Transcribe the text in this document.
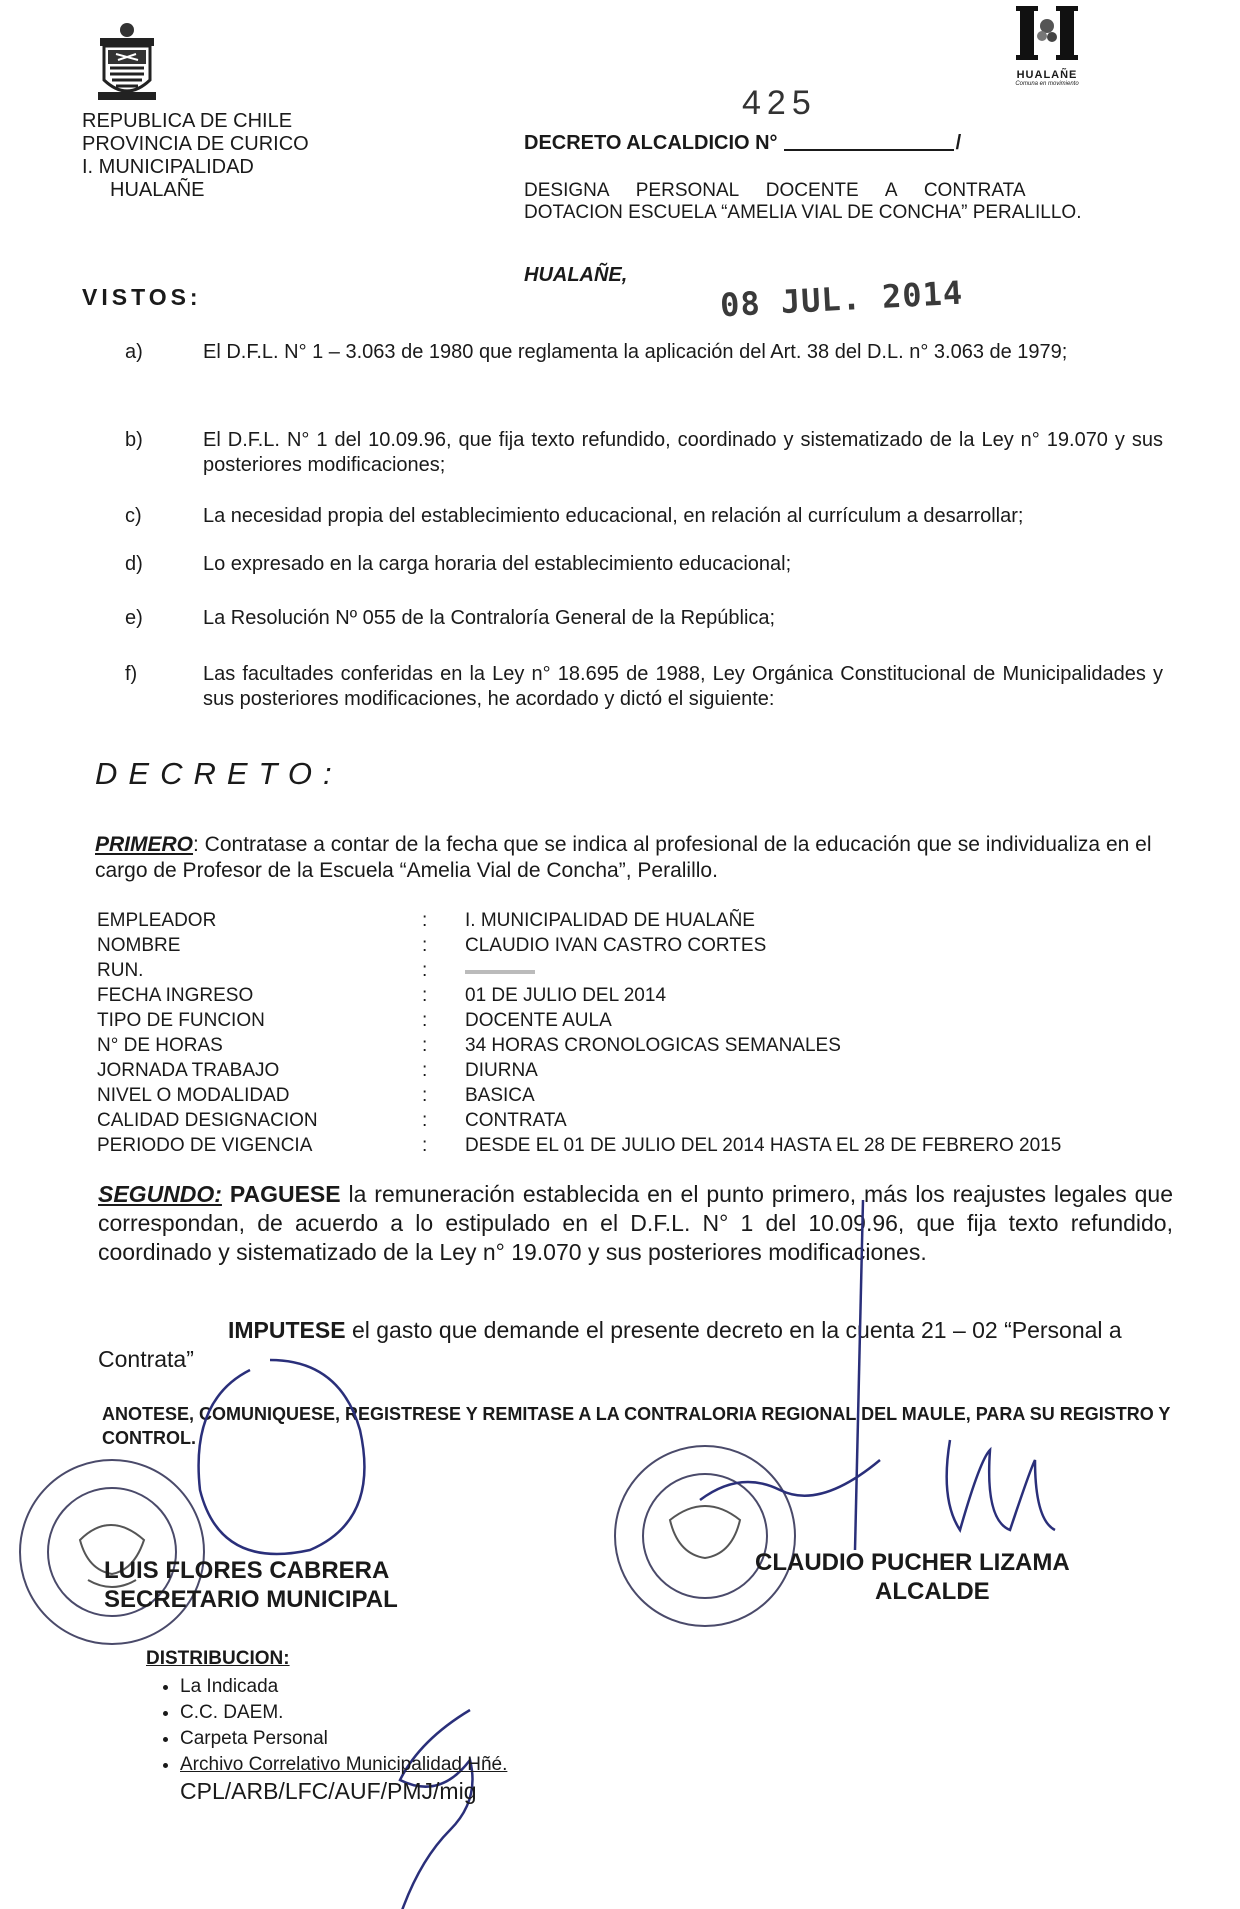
REPUBLICA DE CHILE
PROVINCIA DE CURICO
I. MUNICIPALIDAD
HUALAÑE
HUALAÑE
Comuna en movimiento
425
DECRETO ALCALDICIO N°	/
DESIGNA PERSONAL DOCENTE A CONTRATA
DOTACION ESCUELA “AMELIA VIAL DE CONCHA” PERALILLO.
HUALAÑE,	08 JUL. 2014
VISTOS:
a)	El D.F.L. N° 1 – 3.063 de 1980 que reglamenta la aplicación del Art. 38 del D.L. n° 3.063 de 1979;
b)	El D.F.L. N° 1 del 10.09.96, que fija texto refundido, coordinado y sistematizado de la Ley n° 19.070 y sus posteriores modificaciones;
c)	La necesidad propia del establecimiento educacional, en relación al currículum a desarrollar;
d)	Lo expresado en la carga horaria del establecimiento educacional;
e)	La Resolución Nº 055 de la Contraloría General de la República;
f)	Las facultades conferidas en la Ley n° 18.695 de 1988, Ley Orgánica Constitucional de Municipalidades y sus posteriores modificaciones, he acordado y dictó el siguiente:
DECRETO:
PRIMERO: Contratase a contar de la fecha que se indica al profesional de la educación que se individualiza en el cargo de Profesor de la Escuela “Amelia Vial de Concha”, Peralillo.
EMPLEADOR	: I. MUNICIPALIDAD DE HUALAÑE
NOMBRE	: CLAUDIO IVAN CASTRO CORTES
RUN.	:
FECHA INGRESO	: 01 DE JULIO DEL 2014
TIPO DE FUNCION	: DOCENTE AULA
N° DE HORAS	: 34 HORAS CRONOLOGICAS SEMANALES
JORNADA TRABAJO	: DIURNA
NIVEL O MODALIDAD	: BASICA
CALIDAD DESIGNACION	: CONTRATA
PERIODO DE VIGENCIA	: DESDE EL 01 DE JULIO DEL 2014 HASTA EL 28 DE FEBRERO 2015
SEGUNDO: PAGUESE la remuneración establecida en el punto primero, más los reajustes legales que correspondan, de acuerdo a lo estipulado en el D.F.L. N° 1 del 10.09.96, que fija texto refundido, coordinado y sistematizado de la Ley n° 19.070 y sus posteriores modificaciones.
IMPUTESE el gasto que demande el presente decreto en la cuenta 21 – 02 “Personal a Contrata”
ANOTESE, COMUNIQUESE, REGISTRESE Y REMITASE A LA CONTRALORIA REGIONAL DEL MAULE, PARA SU REGISTRO Y CONTROL.
LUIS FLORES CABRERA
SECRETARIO MUNICIPAL
CLAUDIO PUCHER LIZAMA
ALCALDE
DISTRIBUCION:
• La Indicada
• C.C. DAEM.
• Carpeta Personal
• Archivo Correlativo Municipalidad Hñé.
CPL/ARB/LFC/AUF/PMJ/mig
